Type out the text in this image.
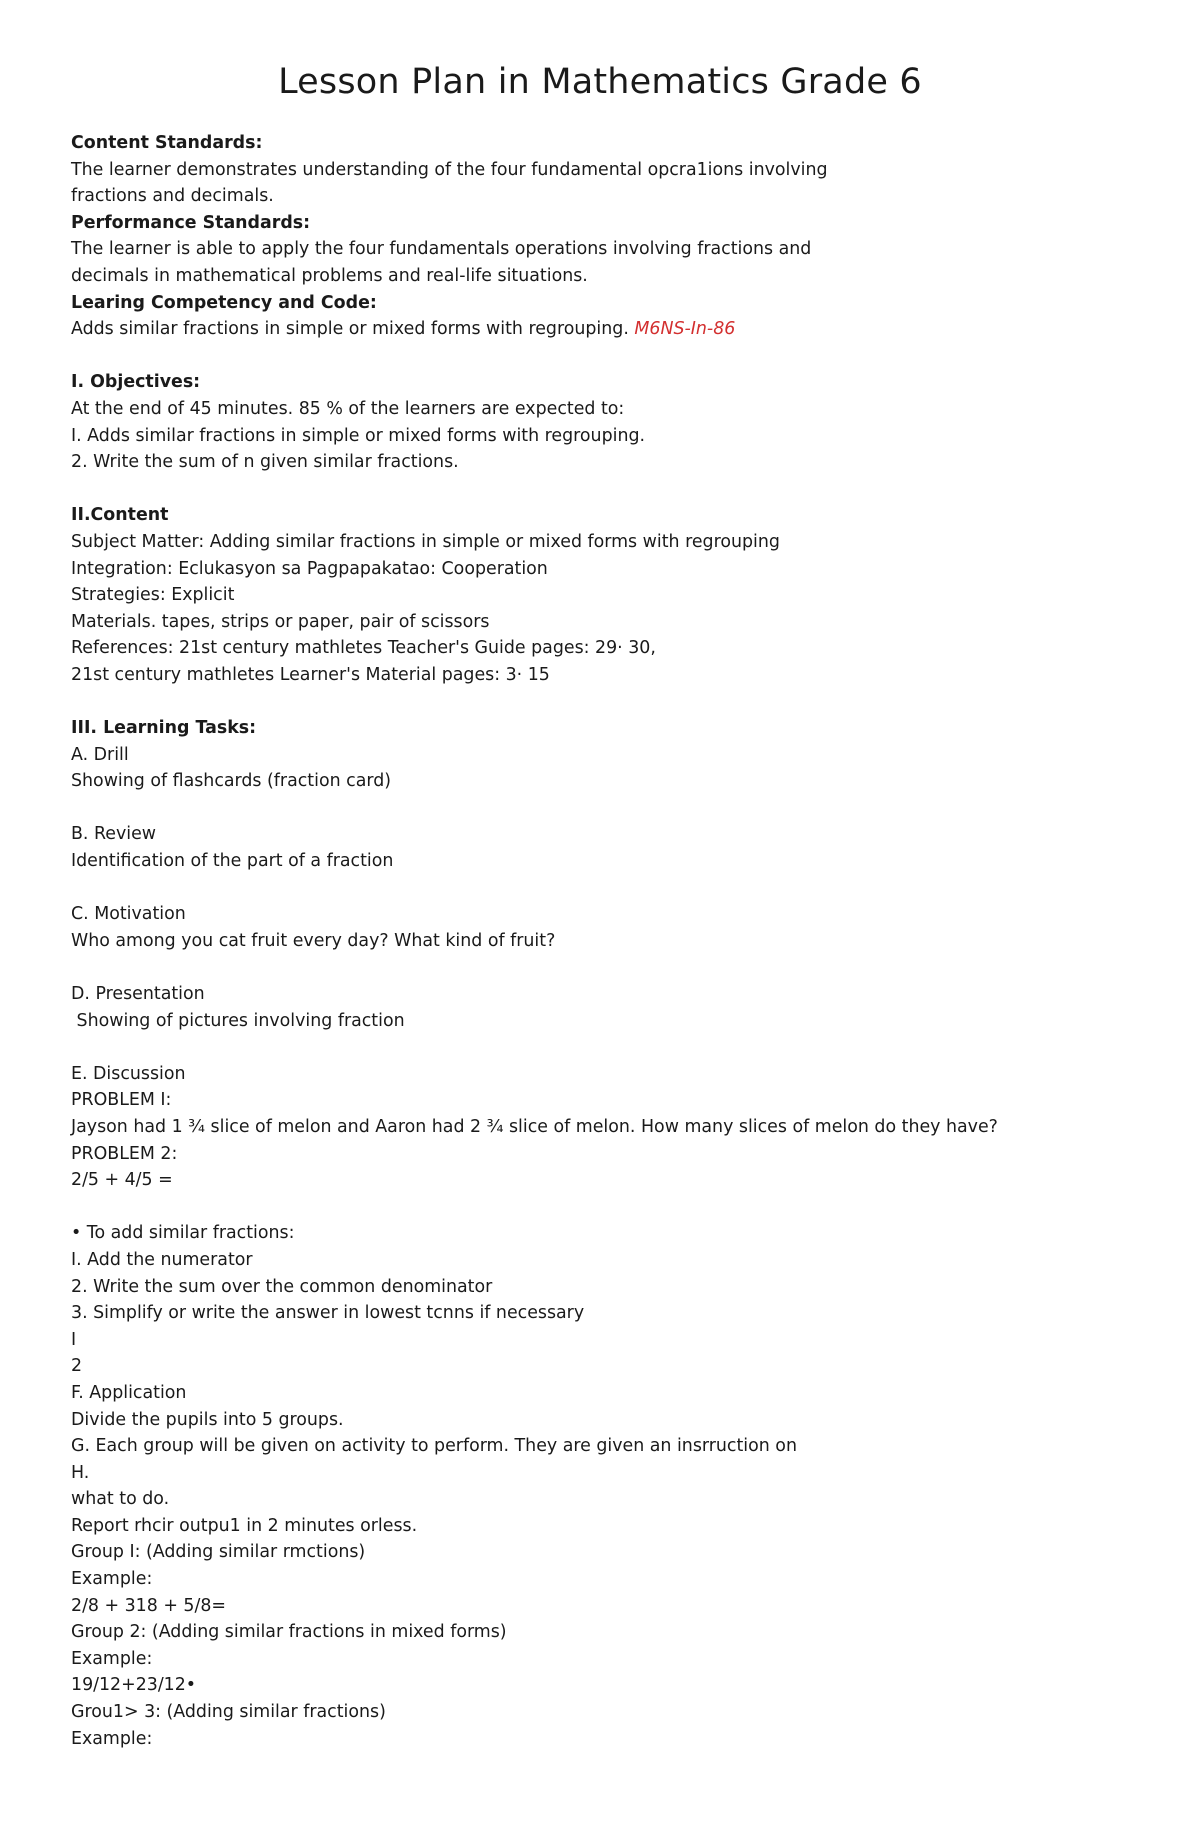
Lesson Plan in Mathematics Grade 6
Content Standards:
The learner demonstrates understanding of the four fundamental opcra1ions involving
fractions and decimals.
Performance Standards:
The learner is able to apply the four fundamentals operations involving fractions and
decimals in mathematical problems and real-life situations.
Learing Competency and Code:
Adds similar fractions in simple or mixed forms with regrouping. M6NS-In-86
I. Objectives:
At the end of 45 minutes. 85 % of the learners are expected to:
I. Adds similar fractions in simple or mixed forms with regrouping.
2. Write the sum of n given similar fractions.
II.Content
Subject Matter: Adding similar fractions in simple or mixed forms with regrouping
Integration: Eclukasyon sa Pagpapakatao: Cooperation
Strategies: Explicit
Materials. tapes, strips or paper, pair of scissors
References: 21st century mathletes Teacher's Guide pages: 29· 30,
21st century mathletes Learner's Material pages: 3· 15
III. Learning Tasks:
A. Drill
Showing of flashcards (fraction card)
B. Review
Identification of the part of a fraction
C. Motivation
Who among you cat fruit every day? What kind of fruit?
D. Presentation
Showing of pictures involving fraction
E. Discussion
PROBLEM I:
Jayson had 1 ¾ slice of melon and Aaron had 2 ¾ slice of melon. How many slices of melon do they have?
PROBLEM 2:
2/5 + 4/5 =
• To add similar fractions:
I. Add the numerator
2. Write the sum over the common denominator
3. Simplify or write the answer in lowest tcnns if necessary
I
2
F. Application
Divide the pupils into 5 groups.
G. Each group will be given on activity to perform. They are given an insrruction on
H.
what to do.
Report rhcir outpu1 in 2 minutes orless.
Group I: (Adding similar rmctions)
Example:
2/8 + 318 + 5/8=
Group 2: (Adding similar fractions in mixed forms)
Example:
19/12+23/12•
Grou1> 3: (Adding similar fractions)
Example:
